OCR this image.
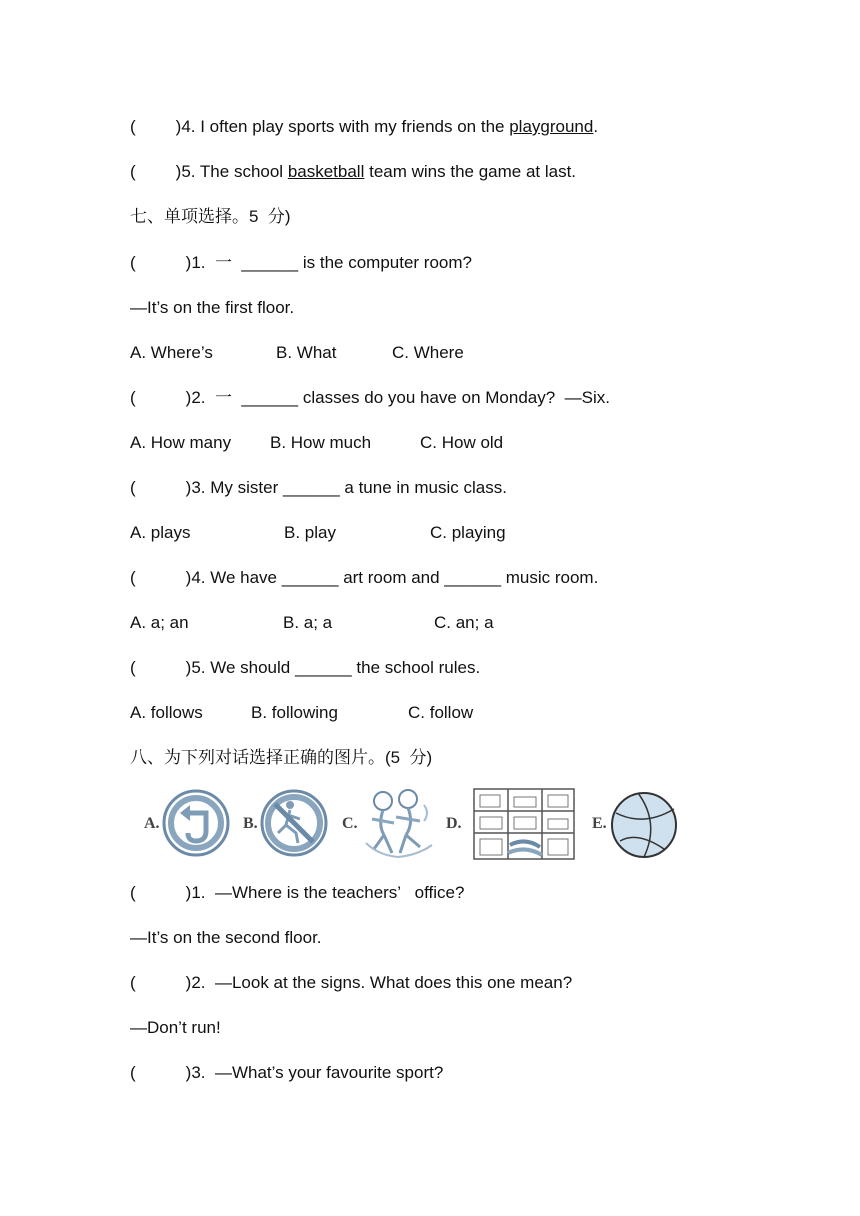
( )4. I often play sports with my friends on the playground.
( )5. The school basketball team wins the game at last.
七、单项选择。5  分)
(	)1.  一  ______ is the computer room?
—It’s on the first floor.
A. Where’s	B. What	C. Where
(	)2.  一  ______ classes do you have on Monday?  —Six.
A. How many B. How much	C. How old
(	)3. My sister ______ a tune in music class.
A. plays	B. play	C. playing
(	)4. We have ______ art room and ______ music room.
A. a; an	B. a; a	C. an; a
(	)5. We should ______ the school rules.
A. follows	B. following	C. follow
八、为下列对话选择正确的图片。(5  分)
A.	B.	C.	D.	E.
(	)1.  —Where is the teachers’   office?
—It’s on the second floor.
(	)2.  —Look at the signs. What does this one mean?
—Don’t run!
(	)3.  —What’s your favourite sport?
